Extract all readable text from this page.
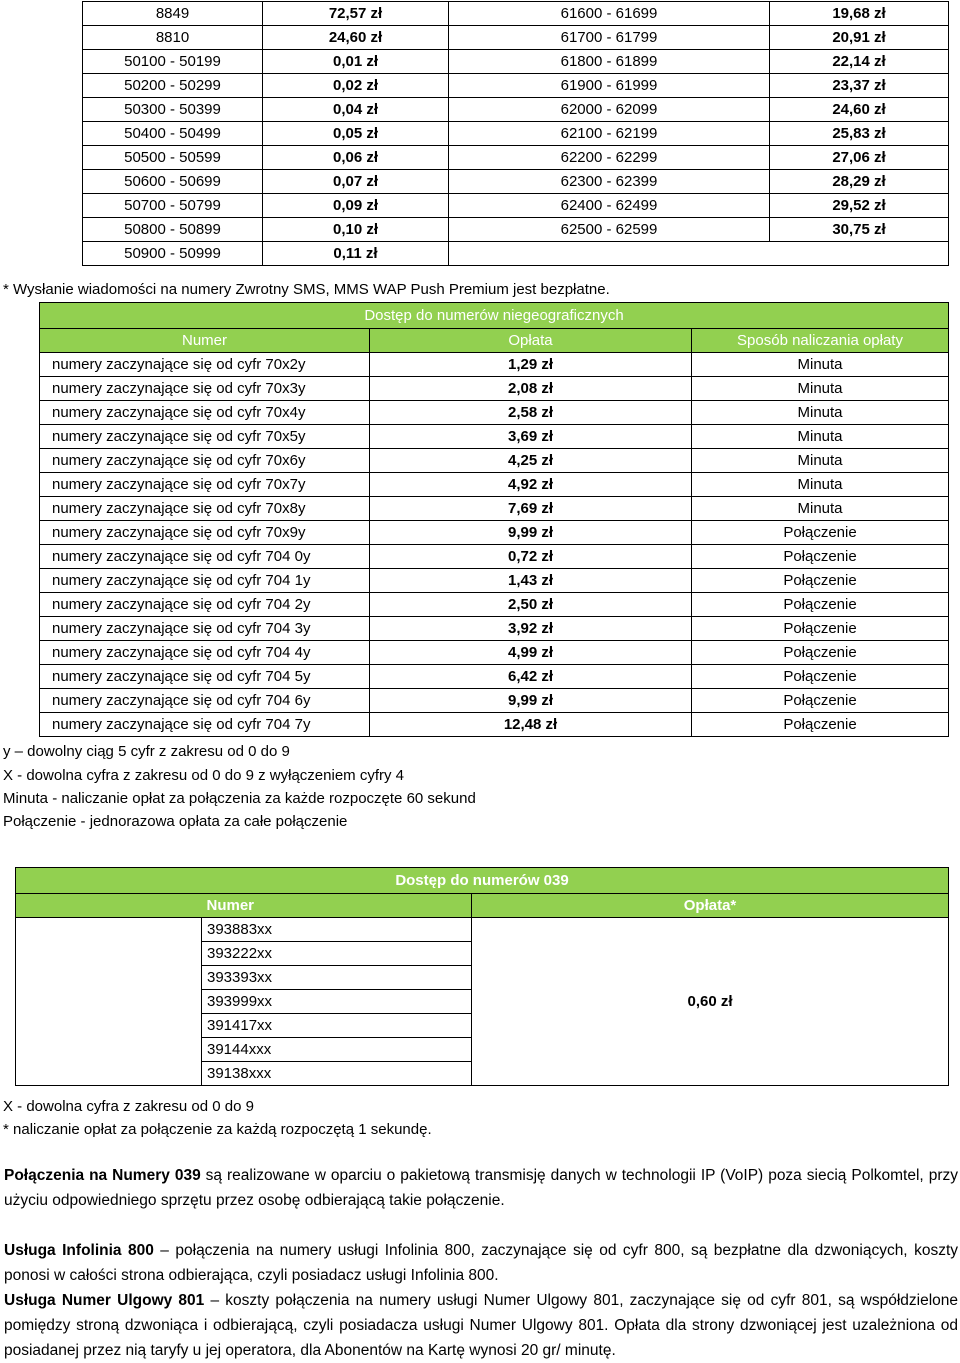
8849	72,57 zł	61600 - 61699	19,68 zł
8810	24,60 zł	61700 - 61799	20,91 zł
50100 - 50199	0,01 zł	61800 - 61899	22,14 zł
50200 - 50299	0,02 zł	61900 - 61999	23,37 zł
50300 - 50399	0,04 zł	62000 - 62099	24,60 zł
50400 - 50499	0,05 zł	62100 - 62199	25,83 zł
50500 - 50599	0,06 zł	62200 - 62299	27,06 zł
50600 - 50699	0,07 zł	62300 - 62399	28,29 zł
50700 - 50799	0,09 zł	62400 - 62499	29,52 zł
50800 - 50899	0,10 zł	62500 - 62599	30,75 zł
50900 - 50999	0,11 zł		

* Wysłanie wiadomości na numery Zwrotny SMS, MMS WAP Push Premium jest bezpłatne.

Dostęp do numerów niegeograficznych		
Numer	Opłata	Sposób naliczania opłaty
numery zaczynające się od cyfr 70x2y	1,29 zł	Minuta
numery zaczynające się od cyfr 70x3y	2,08 zł	Minuta
numery zaczynające się od cyfr 70x4y	2,58 zł	Minuta
numery zaczynające się od cyfr 70x5y	3,69 zł	Minuta
numery zaczynające się od cyfr 70x6y	4,25 zł	Minuta
numery zaczynające się od cyfr 70x7y	4,92 zł	Minuta
numery zaczynające się od cyfr 70x8y	7,69 zł	Minuta
numery zaczynające się od cyfr 70x9y	9,99 zł	Połączenie
numery zaczynające się od cyfr 704 0y	0,72 zł	Połączenie
numery zaczynające się od cyfr 704 1y	1,43 zł	Połączenie
numery zaczynające się od cyfr 704 2y	2,50 zł	Połączenie
numery zaczynające się od cyfr 704 3y	3,92 zł	Połączenie
numery zaczynające się od cyfr 704 4y	4,99 zł	Połączenie
numery zaczynające się od cyfr 704 5y	6,42 zł	Połączenie
numery zaczynające się od cyfr 704 6y	9,99 zł	Połączenie
numery zaczynające się od cyfr 704 7y	12,48 zł	Połączenie

y – dowolny ciąg 5 cyfr z zakresu od 0 do 9

X - dowolna cyfra z zakresu od 0 do 9 z wyłączeniem cyfry 4

Minuta - naliczanie opłat za połączenia za każde rozpoczęte 60 sekund

Połączenie - jednorazowa opłata za całe połączenie

Dostęp do numerów 039		
	Numer	Opłata*
	393883xx	0,60 zł
	393222xx	
	393393xx	
	393999xx	
	391417xx	
	39144xxx	
	39138xxx	

X - dowolna cyfra z zakresu od 0 do 9

* naliczanie opłat za połączenie za każdą rozpoczętą 1 sekundę.

Połączenia na Numery 039 są realizowane w oparciu o pakietową transmisję danych w technologii IP (VoIP) poza siecią Polkomtel, przy użyciu odpowiedniego sprzętu przez osobę odbierającą takie połączenie.

Usługa Infolinia 800 – połączenia na numery usługi Infolinia 800, zaczynające się od cyfr 800, są bezpłatne dla dzwoniących, koszty ponosi w całości strona odbierająca, czyli posiadacz usługi Infolinia 800.

Usługa Numer Ulgowy 801 – koszty połączenia na numery usługi Numer Ulgowy 801, zaczynające się od cyfr 801, są współdzielone pomiędzy stroną dzwoniąca i odbierającą, czyli posiadacza usługi Numer Ulgowy 801. Opłata dla strony dzwoniącej jest uzależniona od posiadanej przez nią taryfy u jej operatora, dla Abonentów na Kartę wynosi 20 gr/ minutę.
